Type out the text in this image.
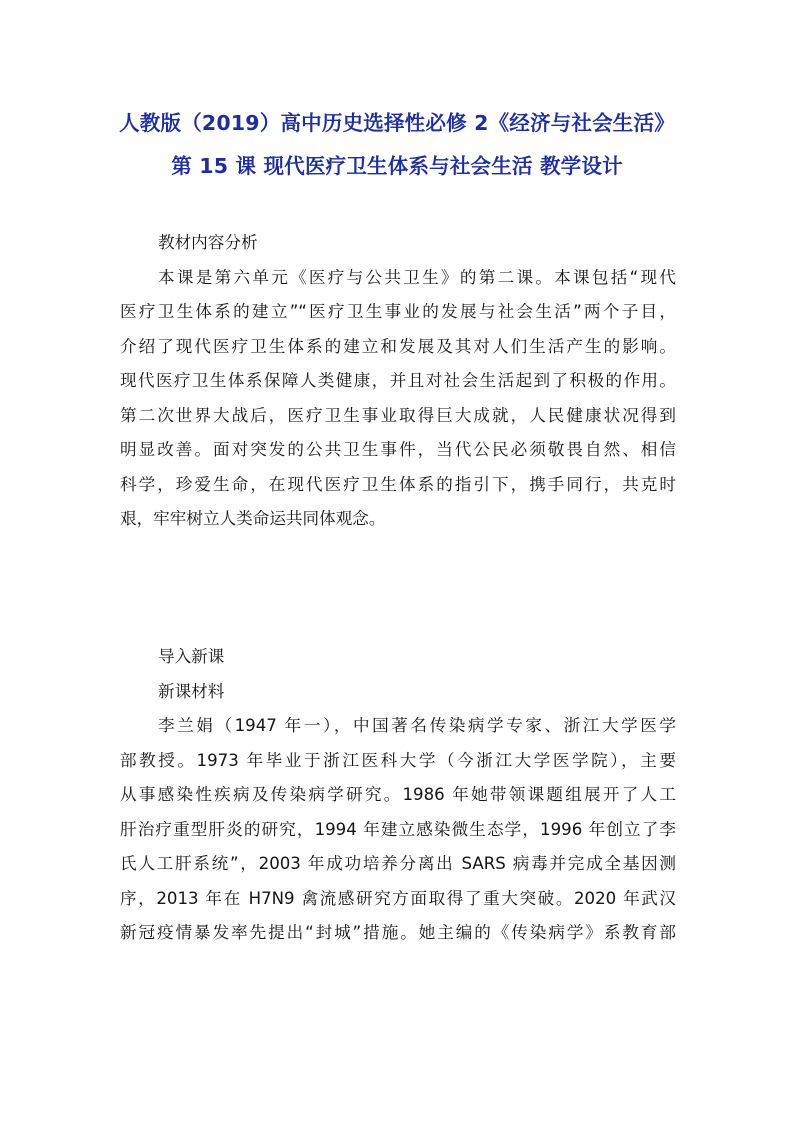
人教版（2019）高中历史选择性必修 2《经济与社会生活》
第 15 课 现代医疗卫生体系与社会生活 教学设计
教材内容分析
本课是第六单元《医疗与公共卫生》的第二课。本课包括“现代
医疗卫生体系的建立”“医疗卫生事业的发展与社会生活”两个子目，
介绍了现代医疗卫生体系的建立和发展及其对人们生活产生的影响。
现代医疗卫生体系保障人类健康，并且对社会生活起到了积极的作用。
第二次世界大战后，医疗卫生事业取得巨大成就，人民健康状况得到
明显改善。面对突发的公共卫生事件，当代公民必须敬畏自然、相信
科学，珍爱生命，在现代医疗卫生体系的指引下，携手同行，共克时
艰，牢牢树立人类命运共同体观念。
导入新课
新课材料
李兰娟（1947 年一），中国著名传染病学专家、浙江大学医学
部教授。1973 年毕业于浙江医科大学（今浙江大学医学院），主要
从事感染性疾病及传染病学研究。1986 年她带领课题组展开了人工
肝治疗重型肝炎的研究，1994 年建立感染微生态学，1996 年创立了李
氏人工肝系统”，2003 年成功培养分离出 SARS 病毒并完成全基因测
序，2013 年在 H7N9 禽流感研究方面取得了重大突破。2020 年武汉
新冠疫情暴发率先提出“封城”措施。她主编的《传染病学》系教育部
